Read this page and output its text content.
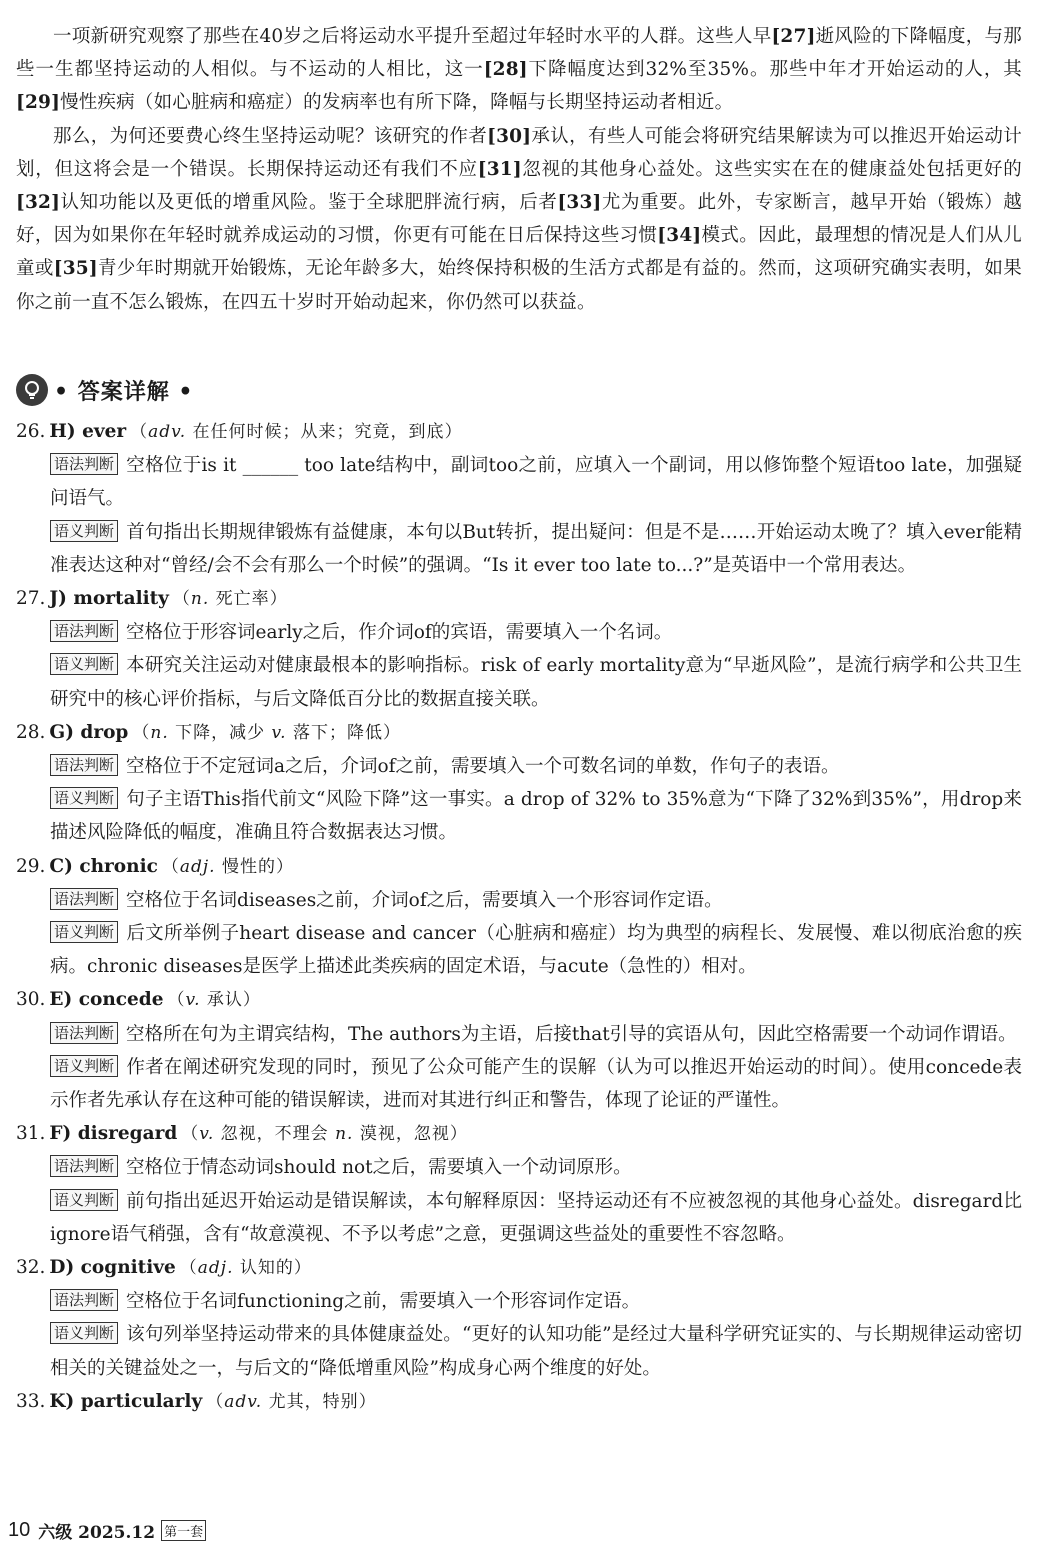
一项新研究观察了那些在40岁之后将运动水平提升至超过年轻时水平的人群。这些人早[27]逝风险的下降幅度，与那些一生都坚持运动的人相似。与不运动的人相比，这一[28]下降幅度达到32%至35%。那些中年才开始运动的人，其[29]慢性疾病（如心脏病和癌症）的发病率也有所下降，降幅与长期坚持运动者相近。

那么，为何还要费心终生坚持运动呢？该研究的作者[30]承认，有些人可能会将研究结果解读为可以推迟开始运动计划，但这将会是一个错误。长期保持运动还有我们不应[31]忽视的其他身心益处。这些实实在在的健康益处包括更好的[32]认知功能以及更低的增重风险。鉴于全球肥胖流行病，后者[33]尤为重要。此外，专家断言，越早开始（锻炼）越好，因为如果你在年轻时就养成运动的习惯，你更有可能在日后保持这些习惯[34]模式。因此，最理想的情况是人们从儿童或[35]青少年时期就开始锻炼，无论年龄多大，始终保持积极的生活方式都是有益的。然而，这项研究确实表明，如果你之前一直不怎么锻炼，在四五十岁时开始动起来，你仍然可以获益。

• 答案详解 •

26. H) ever （adv. 在任何时候；从来；究竟，到底）

语法判断 空格位于is it ______ too late结构中，副词too之前，应填入一个副词，用以修饰整个短语too late，加强疑问语气。

语义判断 首句指出长期规律锻炼有益健康，本句以But转折，提出疑问：但是不是……开始运动太晚了？填入ever能精准表达这种对“曾经/会不会有那么一个时候”的强调。“Is it ever too late to...?”是英语中一个常用表达。

27. J) mortality （n. 死亡率）

语法判断 空格位于形容词early之后，作介词of的宾语，需要填入一个名词。

语义判断 本研究关注运动对健康最根本的影响指标。risk of early mortality意为“早逝风险”，是流行病学和公共卫生研究中的核心评价指标，与后文降低百分比的数据直接关联。

28. G) drop （n. 下降，减少 v. 落下；降低）

语法判断 空格位于不定冠词a之后，介词of之前，需要填入一个可数名词的单数，作句子的表语。

语义判断 句子主语This指代前文“风险下降”这一事实。a drop of 32% to 35%意为“下降了32%到35%”，用drop来描述风险降低的幅度，准确且符合数据表达习惯。

29. C) chronic （adj. 慢性的）

语法判断 空格位于名词diseases之前，介词of之后，需要填入一个形容词作定语。

语义判断 后文所举例子heart disease and cancer（心脏病和癌症）均为典型的病程长、发展慢、难以彻底治愈的疾病。chronic diseases是医学上描述此类疾病的固定术语，与acute（急性的）相对。

30. E) concede （v. 承认）

语法判断 空格所在句为主谓宾结构，The authors为主语，后接that引导的宾语从句，因此空格需要一个动词作谓语。

语义判断 作者在阐述研究发现的同时，预见了公众可能产生的误解（认为可以推迟开始运动的时间）。使用concede表示作者先承认存在这种可能的错误解读，进而对其进行纠正和警告，体现了论证的严谨性。

31. F) disregard （v. 忽视，不理会 n. 漠视，忽视）

语法判断 空格位于情态动词should not之后，需要填入一个动词原形。

语义判断 前句指出延迟开始运动是错误解读，本句解释原因：坚持运动还有不应被忽视的其他身心益处。disregard比ignore语气稍强，含有“故意漠视、不予以考虑”之意，更强调这些益处的重要性不容忽略。

32. D) cognitive （adj. 认知的）

语法判断 空格位于名词functioning之前，需要填入一个形容词作定语。

语义判断 该句列举坚持运动带来的具体健康益处。“更好的认知功能”是经过大量科学研究证实的、与长期规律运动密切相关的关键益处之一，与后文的“降低增重风险”构成身心两个维度的好处。

33. K) particularly （adv. 尤其，特别）

10 六级 2025.12 第一套
